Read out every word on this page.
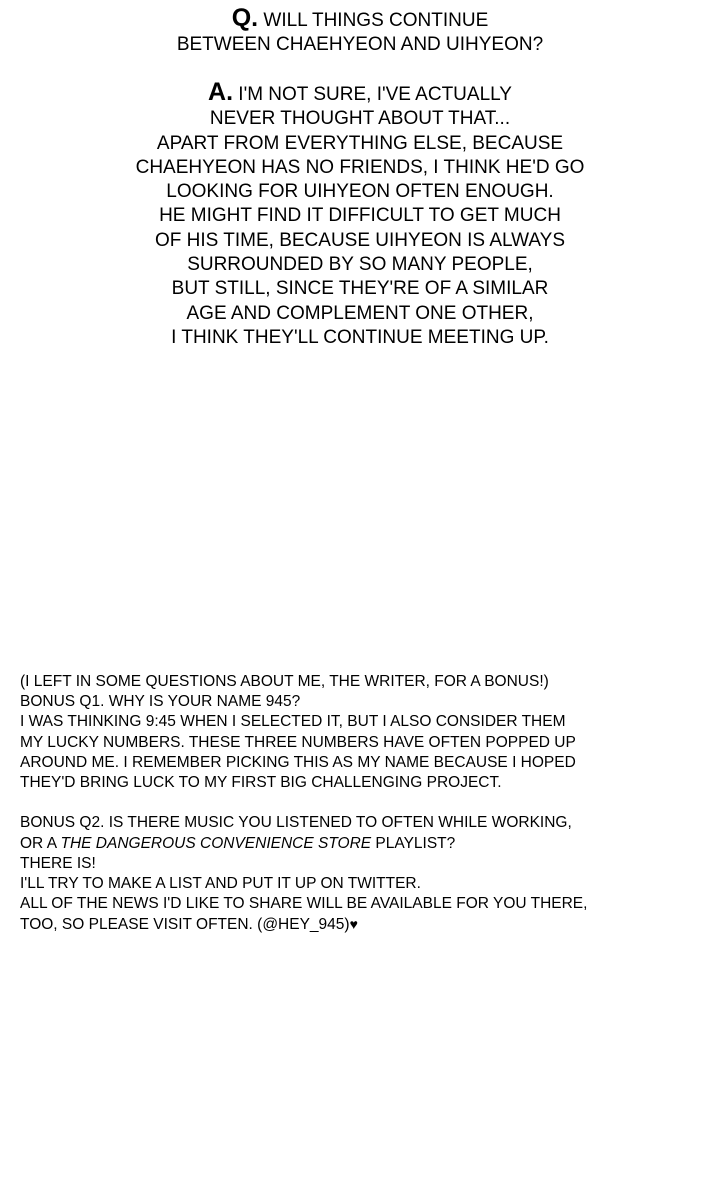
Q. WILL THINGS CONTINUE
BETWEEN CHAEHYEON AND UIHYEON?
A. I'M NOT SURE, I'VE ACTUALLY
NEVER THOUGHT ABOUT THAT...
APART FROM EVERYTHING ELSE, BECAUSE
CHAEHYEON HAS NO FRIENDS, I THINK HE'D GO
LOOKING FOR UIHYEON OFTEN ENOUGH.
HE MIGHT FIND IT DIFFICULT TO GET MUCH
OF HIS TIME, BECAUSE UIHYEON IS ALWAYS
SURROUNDED BY SO MANY PEOPLE,
BUT STILL, SINCE THEY'RE OF A SIMILAR
AGE AND COMPLEMENT ONE OTHER,
I THINK THEY'LL CONTINUE MEETING UP.
(I LEFT IN SOME QUESTIONS ABOUT ME, THE WRITER, FOR A BONUS!)
BONUS Q1. WHY IS YOUR NAME 945?
I WAS THINKING 9:45 WHEN I SELECTED IT, BUT I ALSO CONSIDER THEM
MY LUCKY NUMBERS. THESE THREE NUMBERS HAVE OFTEN POPPED UP
AROUND ME. I REMEMBER PICKING THIS AS MY NAME BECAUSE I HOPED
THEY'D BRING LUCK TO MY FIRST BIG CHALLENGING PROJECT.
BONUS Q2. IS THERE MUSIC YOU LISTENED TO OFTEN WHILE WORKING,
OR A THE DANGEROUS CONVENIENCE STORE PLAYLIST?
THERE IS!
I'LL TRY TO MAKE A LIST AND PUT IT UP ON TWITTER.
ALL OF THE NEWS I'D LIKE TO SHARE WILL BE AVAILABLE FOR YOU THERE,
TOO, SO PLEASE VISIT OFTEN. (@HEY_945)♥
